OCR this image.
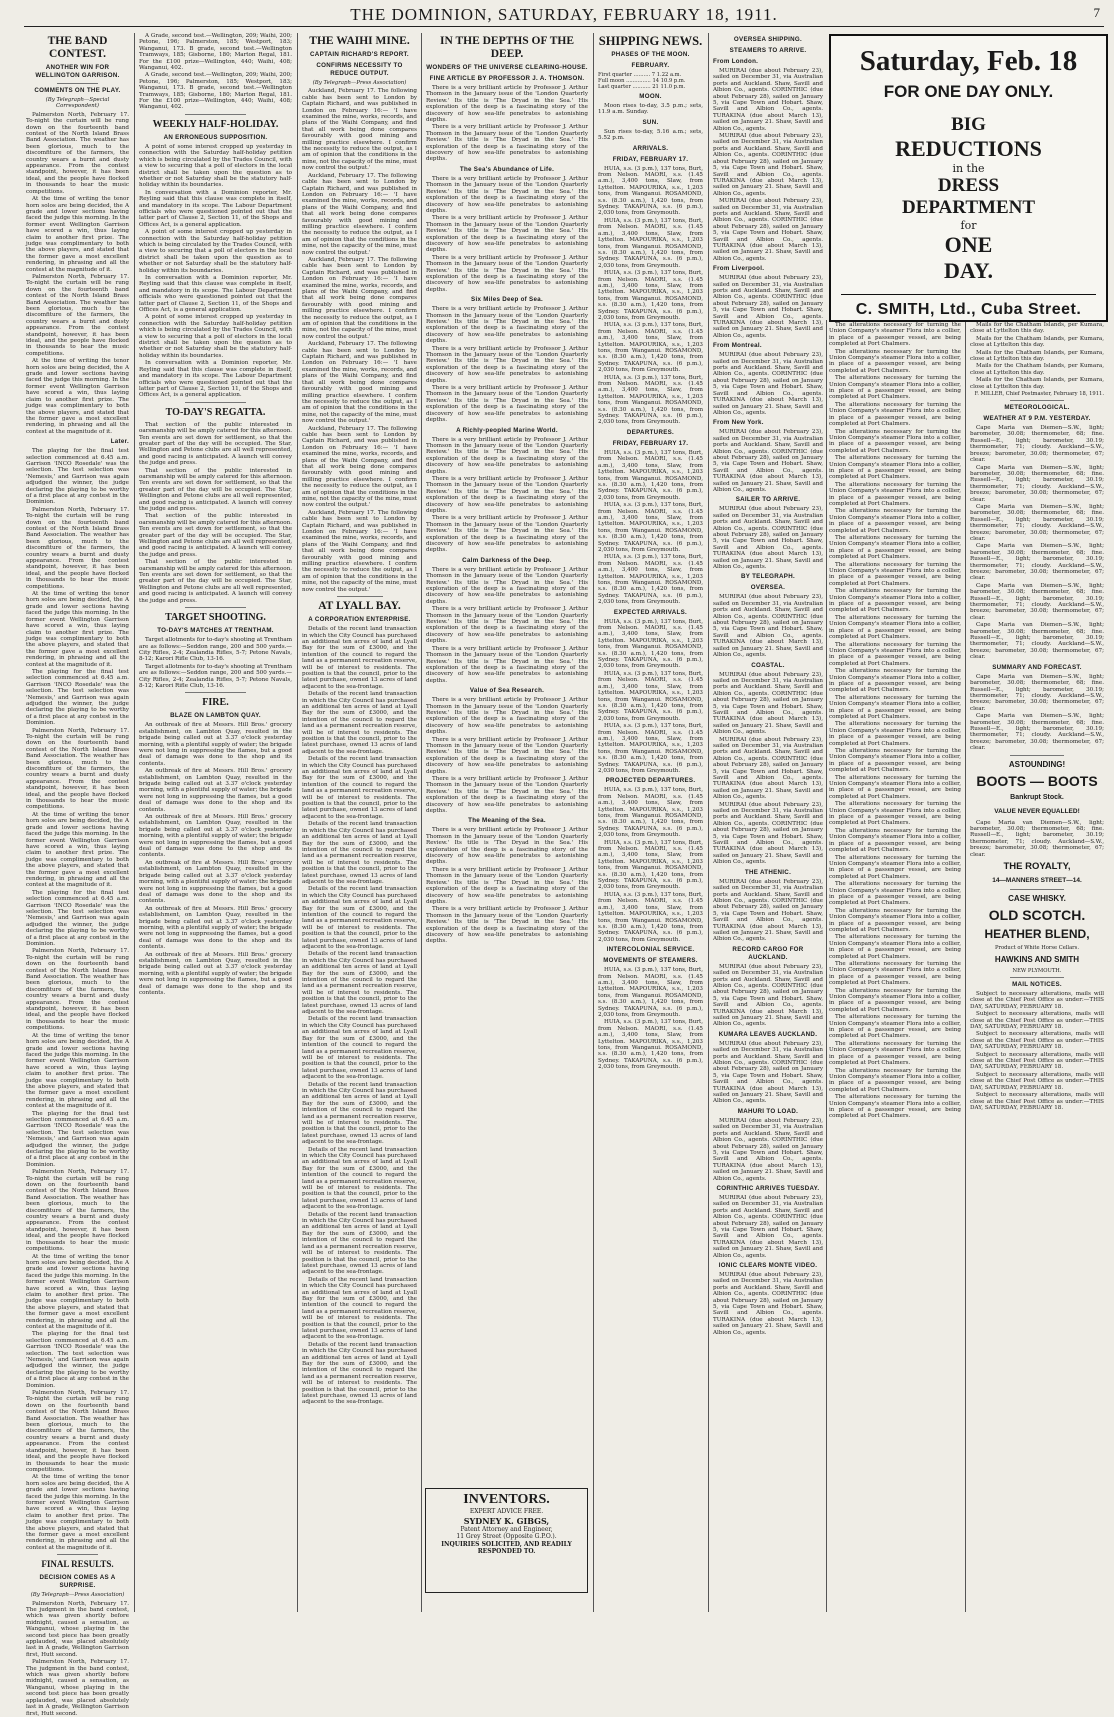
THE DOMINION, SATURDAY, FEBRUARY 18, 1911.	7
THE BAND CONTEST.
ANOTHER WIN FOR WELLINGTON GARRISON.
COMMENTS ON THE PLAY.
(By Telegraph—Special Correspondent)

Palmerston North, February 17. To-night the curtain will be rung down on the fourteenth band contest of the North Island Brass Band Association. The weather has been glorious, much to the discomfiture of the farmers, the country wears a burnt and dusty appearance. From the contest standpoint, however, it has been ideal, and the people have flocked in thousands to hear the music competitions.

At the time of writing the tenor horn solos are being decided, the A grade and lower sections having faced the judge this morning. In the former event Wellington Garrison have scored a win, thus laying claim to another first prize. The judge was complimentary to both the above players, and stated that the former gave a most excellent rendering, in phrasing and all the contest at the magnitude of it.

Palmerston North, February 17. To-night the curtain will be rung down on the fourteenth band contest of the North Island Brass Band Association. The weather has been glorious, much to the discomfiture of the farmers, the country wears a burnt and dusty appearance. From the contest standpoint, however, it has been ideal, and the people have flocked in thousands to hear the music competitions.

At the time of writing the tenor horn solos are being decided, the A grade and lower sections having faced the judge this morning. In the former event Wellington Garrison have scored a win, thus laying claim to another first prize. The judge was complimentary to both the above players, and stated that the former gave a most excellent rendering, in phrasing and all the contest at the magnitude of it.

Later.

The playing for the final test selection commenced at 6.45 a.m. Garrison 'INCO Rosedale' was the selection. The test selection was 'Nemesis,' and Garrison was again adjudged the winner, the judge declaring the playing to be worthy of a first place at any contest in the Dominion.

Palmerston North, February 17. To-night the curtain will be rung down on the fourteenth band contest of the North Island Brass Band Association. The weather has been glorious, much to the discomfiture of the farmers, the country wears a burnt and dusty appearance. From the contest standpoint, however, it has been ideal, and the people have flocked in thousands to hear the music competitions.

At the time of writing the tenor horn solos are being decided, the A grade and lower sections having faced the judge this morning. In the former event Wellington Garrison have scored a win, thus laying claim to another first prize. The judge was complimentary to both the above players, and stated that the former gave a most excellent rendering, in phrasing and all the contest at the magnitude of it.

The playing for the final test selection commenced at 6.45 a.m. Garrison 'INCO Rosedale' was the selection. The test selection was 'Nemesis,' and Garrison was again adjudged the winner, the judge declaring the playing to be worthy of a first place at any contest in the Dominion.

Palmerston North, February 17. To-night the curtain will be rung down on the fourteenth band contest of the North Island Brass Band Association. The weather has been glorious, much to the discomfiture of the farmers, the country wears a burnt and dusty appearance. From the contest standpoint, however, it has been ideal, and the people have flocked in thousands to hear the music competitions.

At the time of writing the tenor horn solos are being decided, the A grade and lower sections having faced the judge this morning. In the former event Wellington Garrison have scored a win, thus laying claim to another first prize. The judge was complimentary to both the above players, and stated that the former gave a most excellent rendering, in phrasing and all the contest at the magnitude of it.

The playing for the final test selection commenced at 6.45 a.m. Garrison 'INCO Rosedale' was the selection. The test selection was 'Nemesis,' and Garrison was again adjudged the winner, the judge declaring the playing to be worthy of a first place at any contest in the Dominion.

Palmerston North, February 17. To-night the curtain will be rung down on the fourteenth band contest of the North Island Brass Band Association. The weather has been glorious, much to the discomfiture of the farmers, the country wears a burnt and dusty appearance. From the contest standpoint, however, it has been ideal, and the people have flocked in thousands to hear the music competitions.

At the time of writing the tenor horn solos are being decided, the A grade and lower sections having faced the judge this morning. In the former event Wellington Garrison have scored a win, thus laying claim to another first prize. The judge was complimentary to both the above players, and stated that the former gave a most excellent rendering, in phrasing and all the contest at the magnitude of it.

The playing for the final test selection commenced at 6.45 a.m. Garrison 'INCO Rosedale' was the selection. The test selection was 'Nemesis,' and Garrison was again adjudged the winner, the judge declaring the playing to be worthy of a first place at any contest in the Dominion.

Palmerston North, February 17. To-night the curtain will be rung down on the fourteenth band contest of the North Island Brass Band Association. The weather has been glorious, much to the discomfiture of the farmers, the country wears a burnt and dusty appearance. From the contest standpoint, however, it has been ideal, and the people have flocked in thousands to hear the music competitions.

At the time of writing the tenor horn solos are being decided, the A grade and lower sections having faced the judge this morning. In the former event Wellington Garrison have scored a win, thus laying claim to another first prize. The judge was complimentary to both the above players, and stated that the former gave a most excellent rendering, in phrasing and all the contest at the magnitude of it.

The playing for the final test selection commenced at 6.45 a.m. Garrison 'INCO Rosedale' was the selection. The test selection was 'Nemesis,' and Garrison was again adjudged the winner, the judge declaring the playing to be worthy of a first place at any contest in the Dominion.

Palmerston North, February 17. To-night the curtain will be rung down on the fourteenth band contest of the North Island Brass Band Association. The weather has been glorious, much to the discomfiture of the farmers, the country wears a burnt and dusty appearance. From the contest standpoint, however, it has been ideal, and the people have flocked in thousands to hear the music competitions.

At the time of writing the tenor horn solos are being decided, the A grade and lower sections having faced the judge this morning. In the former event Wellington Garrison have scored a win, thus laying claim to another first prize. The judge was complimentary to both the above players, and stated that the former gave a most excellent rendering, in phrasing and all the contest at the magnitude of it.

FINAL RESULTS.
DECISION COMES AS A SURPRISE.
(By Telegraph—Press Association)

Palmerston North, February 17. The judgment in the band contest, which was given shortly before midnight, caused a sensation, as Wanganui, whose playing in the second test piece has been greatly applauded, was placed absolutely last in A grade, Wellington Garrison first, Hutt second.

Palmerston North, February 17. The judgment in the band contest, which was given shortly before midnight, caused a sensation, as Wanganui, whose playing in the second test piece has been greatly applauded, was placed absolutely last in A grade, Wellington Garrison first, Hutt second.

A Grade, second test.—Wellington, 209; Waihi, 200; Petone, 196; Palmerston, 185; Westport, 183; Wanganui, 173. B grade, second test.—Wellington Tramways, 185; Gisborne, 180; Marton Regal, 181. For the £100 prize—Wellington, 440; Waihi, 408; Wanganui, 402.

A Grade, second test.—Wellington, 209; Waihi, 200; Petone, 196; Palmerston, 185; Westport, 183; Wanganui, 173. B grade, second test.—Wellington Tramways, 185; Gisborne, 180; Marton Regal, 181. For the £100 prize—Wellington, 440; Waihi, 408; Wanganui, 402.

WEEKLY HALF-HOLIDAY.
AN ERRONEOUS SUPPOSITION.

A point of some interest cropped up yesterday in connection with the Saturday half-holiday petition which is being circulated by the Trades Council, with a view to securing that a poll of electors in the local district shall be taken upon the question as to whether or not Saturday shall be the statutory half-holiday within its boundaries.

In conversation with a Dominion reporter, Mr. Reyling said that this clause was complete in itself, and mandatory in its scope. The Labour Department officials who were questioned pointed out that the latter part of Clause 2, Section 11, of the Shops and Offices Act, is a general application.

A point of some interest cropped up yesterday in connection with the Saturday half-holiday petition which is being circulated by the Trades Council, with a view to securing that a poll of electors in the local district shall be taken upon the question as to whether or not Saturday shall be the statutory half-holiday within its boundaries.

In conversation with a Dominion reporter, Mr. Reyling said that this clause was complete in itself, and mandatory in its scope. The Labour Department officials who were questioned pointed out that the latter part of Clause 2, Section 11, of the Shops and Offices Act, is a general application.

A point of some interest cropped up yesterday in connection with the Saturday half-holiday petition which is being circulated by the Trades Council, with a view to securing that a poll of electors in the local district shall be taken upon the question as to whether or not Saturday shall be the statutory half-holiday within its boundaries.

In conversation with a Dominion reporter, Mr. Reyling said that this clause was complete in itself, and mandatory in its scope. The Labour Department officials who were questioned pointed out that the latter part of Clause 2, Section 11, of the Shops and Offices Act, is a general application.

TO-DAY'S REGATTA.

That section of the public interested in oarsmanship will be amply catered for this afternoon. Ten events are set down for settlement, so that the greater part of the day will be occupied. The Star, Wellington and Petone clubs are all well represented, and good racing is anticipated. A launch will convey the judge and press.

That section of the public interested in oarsmanship will be amply catered for this afternoon. Ten events are set down for settlement, so that the greater part of the day will be occupied. The Star, Wellington and Petone clubs are all well represented, and good racing is anticipated. A launch will convey the judge and press.

That section of the public interested in oarsmanship will be amply catered for this afternoon. Ten events are set down for settlement, so that the greater part of the day will be occupied. The Star, Wellington and Petone clubs are all well represented, and good racing is anticipated. A launch will convey the judge and press.

That section of the public interested in oarsmanship will be amply catered for this afternoon. Ten events are set down for settlement, so that the greater part of the day will be occupied. The Star, Wellington and Petone clubs are all well represented, and good racing is anticipated. A launch will convey the judge and press.

TARGET SHOOTING.
TO-DAY'S MATCHES AT TRENTHAM.

Target allotments for to-day's shooting at Trentham are as follows:—Seddon range, 200 and 500 yards.—City Rifles, 2-4; Zealandia Rifles, 5-7; Petone Navals, 8-12; Karori Rifle Club, 13-16.

Target allotments for to-day's shooting at Trentham are as follows:—Seddon range, 200 and 500 yards.—City Rifles, 2-4; Zealandia Rifles, 5-7; Petone Navals, 8-12; Karori Rifle Club, 13-16.

FIRE.
BLAZE ON LAMBTON QUAY.

An outbreak of fire at Messrs. Hill Bros.' grocery establishment, on Lambton Quay, resulted in the brigade being called out at 3.37 o'clock yesterday morning, with a plentiful supply of water; the brigade were not long in suppressing the flames, but a good deal of damage was done to the shop and its contents.

An outbreak of fire at Messrs. Hill Bros.' grocery establishment, on Lambton Quay, resulted in the brigade being called out at 3.37 o'clock yesterday morning, with a plentiful supply of water; the brigade were not long in suppressing the flames, but a good deal of damage was done to the shop and its contents.

An outbreak of fire at Messrs. Hill Bros.' grocery establishment, on Lambton Quay, resulted in the brigade being called out at 3.37 o'clock yesterday morning, with a plentiful supply of water; the brigade were not long in suppressing the flames, but a good deal of damage was done to the shop and its contents.

An outbreak of fire at Messrs. Hill Bros.' grocery establishment, on Lambton Quay, resulted in the brigade being called out at 3.37 o'clock yesterday morning, with a plentiful supply of water; the brigade were not long in suppressing the flames, but a good deal of damage was done to the shop and its contents.

An outbreak of fire at Messrs. Hill Bros.' grocery establishment, on Lambton Quay, resulted in the brigade being called out at 3.37 o'clock yesterday morning, with a plentiful supply of water; the brigade were not long in suppressing the flames, but a good deal of damage was done to the shop and its contents.

An outbreak of fire at Messrs. Hill Bros.' grocery establishment, on Lambton Quay, resulted in the brigade being called out at 3.37 o'clock yesterday morning, with a plentiful supply of water; the brigade were not long in suppressing the flames, but a good deal of damage was done to the shop and its contents.

THE WAIHI MINE.
CAPTAIN RICHARD'S REPORT.
CONFIRMS NECESSITY TO REDUCE OUTPUT.
(By Telegraph—Press Association)

Auckland, February 17. The following cable has been sent to London by Captain Richard, and was published in London on February 16:— 'I have examined the mine, works, records, and plans of the Waihi Company, and find that all work being done compares favourably with good mining and milling practice elsewhere. I confirm the necessity to reduce the output, as I am of opinion that the conditions in the mine, not the capacity of the mine, must now control the output.'

Auckland, February 17. The following cable has been sent to London by Captain Richard, and was published in London on February 16:— 'I have examined the mine, works, records, and plans of the Waihi Company, and find that all work being done compares favourably with good mining and milling practice elsewhere. I confirm the necessity to reduce the output, as I am of opinion that the conditions in the mine, not the capacity of the mine, must now control the output.'

Auckland, February 17. The following cable has been sent to London by Captain Richard, and was published in London on February 16:— 'I have examined the mine, works, records, and plans of the Waihi Company, and find that all work being done compares favourably with good mining and milling practice elsewhere. I confirm the necessity to reduce the output, as I am of opinion that the conditions in the mine, not the capacity of the mine, must now control the output.'

Auckland, February 17. The following cable has been sent to London by Captain Richard, and was published in London on February 16:— 'I have examined the mine, works, records, and plans of the Waihi Company, and find that all work being done compares favourably with good mining and milling practice elsewhere. I confirm the necessity to reduce the output, as I am of opinion that the conditions in the mine, not the capacity of the mine, must now control the output.'

Auckland, February 17. The following cable has been sent to London by Captain Richard, and was published in London on February 16:— 'I have examined the mine, works, records, and plans of the Waihi Company, and find that all work being done compares favourably with good mining and milling practice elsewhere. I confirm the necessity to reduce the output, as I am of opinion that the conditions in the mine, not the capacity of the mine, must now control the output.'

Auckland, February 17. The following cable has been sent to London by Captain Richard, and was published in London on February 16:— 'I have examined the mine, works, records, and plans of the Waihi Company, and find that all work being done compares favourably with good mining and milling practice elsewhere. I confirm the necessity to reduce the output, as I am of opinion that the conditions in the mine, not the capacity of the mine, must now control the output.'

AT LYALL BAY.
A CORPORATION ENTERPRISE.

Details of the recent land transaction in which the City Council has purchased an additional ten acres of land at Lyall Bay for the sum of £3000, and the intention of the council to regard the land as a permanent recreation reserve, will be of interest to residents. The position is that the council, prior to the latest purchase, owned 13 acres of land adjacent to the sea-frontage.

Details of the recent land transaction in which the City Council has purchased an additional ten acres of land at Lyall Bay for the sum of £3000, and the intention of the council to regard the land as a permanent recreation reserve, will be of interest to residents. The position is that the council, prior to the latest purchase, owned 13 acres of land adjacent to the sea-frontage.

Details of the recent land transaction in which the City Council has purchased an additional ten acres of land at Lyall Bay for the sum of £3000, and the intention of the council to regard the land as a permanent recreation reserve, will be of interest to residents. The position is that the council, prior to the latest purchase, owned 13 acres of land adjacent to the sea-frontage.

Details of the recent land transaction in which the City Council has purchased an additional ten acres of land at Lyall Bay for the sum of £3000, and the intention of the council to regard the land as a permanent recreation reserve, will be of interest to residents. The position is that the council, prior to the latest purchase, owned 13 acres of land adjacent to the sea-frontage.

Details of the recent land transaction in which the City Council has purchased an additional ten acres of land at Lyall Bay for the sum of £3000, and the intention of the council to regard the land as a permanent recreation reserve, will be of interest to residents. The position is that the council, prior to the latest purchase, owned 13 acres of land adjacent to the sea-frontage.

Details of the recent land transaction in which the City Council has purchased an additional ten acres of land at Lyall Bay for the sum of £3000, and the intention of the council to regard the land as a permanent recreation reserve, will be of interest to residents. The position is that the council, prior to the latest purchase, owned 13 acres of land adjacent to the sea-frontage.

Details of the recent land transaction in which the City Council has purchased an additional ten acres of land at Lyall Bay for the sum of £3000, and the intention of the council to regard the land as a permanent recreation reserve, will be of interest to residents. The position is that the council, prior to the latest purchase, owned 13 acres of land adjacent to the sea-frontage.

Details of the recent land transaction in which the City Council has purchased an additional ten acres of land at Lyall Bay for the sum of £3000, and the intention of the council to regard the land as a permanent recreation reserve, will be of interest to residents. The position is that the council, prior to the latest purchase, owned 13 acres of land adjacent to the sea-frontage.

Details of the recent land transaction in which the City Council has purchased an additional ten acres of land at Lyall Bay for the sum of £3000, and the intention of the council to regard the land as a permanent recreation reserve, will be of interest to residents. The position is that the council, prior to the latest purchase, owned 13 acres of land adjacent to the sea-frontage.

Details of the recent land transaction in which the City Council has purchased an additional ten acres of land at Lyall Bay for the sum of £3000, and the intention of the council to regard the land as a permanent recreation reserve, will be of interest to residents. The position is that the council, prior to the latest purchase, owned 13 acres of land adjacent to the sea-frontage.

Details of the recent land transaction in which the City Council has purchased an additional ten acres of land at Lyall Bay for the sum of £3000, and the intention of the council to regard the land as a permanent recreation reserve, will be of interest to residents. The position is that the council, prior to the latest purchase, owned 13 acres of land adjacent to the sea-frontage.

Details of the recent land transaction in which the City Council has purchased an additional ten acres of land at Lyall Bay for the sum of £3000, and the intention of the council to regard the land as a permanent recreation reserve, will be of interest to residents. The position is that the council, prior to the latest purchase, owned 13 acres of land adjacent to the sea-frontage.

IN THE DEPTHS OF THE DEEP.
WONDERS OF THE UNIVERSE CLEARING-HOUSE.
FINE ARTICLE BY PROFESSOR J. A. THOMSON.

There is a very brilliant article by Professor J. Arthur Thomson in the January issue of the 'London Quarterly Review.' Its title is 'The Dryad in the Sea.' His exploration of the deep is a fascinating story of the discovery of how sea-life penetrates to astonishing depths.

There is a very brilliant article by Professor J. Arthur Thomson in the January issue of the 'London Quarterly Review.' Its title is 'The Dryad in the Sea.' His exploration of the deep is a fascinating story of the discovery of how sea-life penetrates to astonishing depths.

The Sea's Abundance of Life.

There is a very brilliant article by Professor J. Arthur Thomson in the January issue of the 'London Quarterly Review.' Its title is 'The Dryad in the Sea.' His exploration of the deep is a fascinating story of the discovery of how sea-life penetrates to astonishing depths.

There is a very brilliant article by Professor J. Arthur Thomson in the January issue of the 'London Quarterly Review.' Its title is 'The Dryad in the Sea.' His exploration of the deep is a fascinating story of the discovery of how sea-life penetrates to astonishing depths.

There is a very brilliant article by Professor J. Arthur Thomson in the January issue of the 'London Quarterly Review.' Its title is 'The Dryad in the Sea.' His exploration of the deep is a fascinating story of the discovery of how sea-life penetrates to astonishing depths.

Six Miles Deep of Sea.

There is a very brilliant article by Professor J. Arthur Thomson in the January issue of the 'London Quarterly Review.' Its title is 'The Dryad in the Sea.' His exploration of the deep is a fascinating story of the discovery of how sea-life penetrates to astonishing depths.

There is a very brilliant article by Professor J. Arthur Thomson in the January issue of the 'London Quarterly Review.' Its title is 'The Dryad in the Sea.' His exploration of the deep is a fascinating story of the discovery of how sea-life penetrates to astonishing depths.

There is a very brilliant article by Professor J. Arthur Thomson in the January issue of the 'London Quarterly Review.' Its title is 'The Dryad in the Sea.' His exploration of the deep is a fascinating story of the discovery of how sea-life penetrates to astonishing depths.

A Richly-peopled Marine World.

There is a very brilliant article by Professor J. Arthur Thomson in the January issue of the 'London Quarterly Review.' Its title is 'The Dryad in the Sea.' His exploration of the deep is a fascinating story of the discovery of how sea-life penetrates to astonishing depths.

There is a very brilliant article by Professor J. Arthur Thomson in the January issue of the 'London Quarterly Review.' Its title is 'The Dryad in the Sea.' His exploration of the deep is a fascinating story of the discovery of how sea-life penetrates to astonishing depths.

There is a very brilliant article by Professor J. Arthur Thomson in the January issue of the 'London Quarterly Review.' Its title is 'The Dryad in the Sea.' His exploration of the deep is a fascinating story of the discovery of how sea-life penetrates to astonishing depths.

Calm Darkness of the Deep.

There is a very brilliant article by Professor J. Arthur Thomson in the January issue of the 'London Quarterly Review.' Its title is 'The Dryad in the Sea.' His exploration of the deep is a fascinating story of the discovery of how sea-life penetrates to astonishing depths.

There is a very brilliant article by Professor J. Arthur Thomson in the January issue of the 'London Quarterly Review.' Its title is 'The Dryad in the Sea.' His exploration of the deep is a fascinating story of the discovery of how sea-life penetrates to astonishing depths.

There is a very brilliant article by Professor J. Arthur Thomson in the January issue of the 'London Quarterly Review.' Its title is 'The Dryad in the Sea.' His exploration of the deep is a fascinating story of the discovery of how sea-life penetrates to astonishing depths.

Value of Sea Research.

There is a very brilliant article by Professor J. Arthur Thomson in the January issue of the 'London Quarterly Review.' Its title is 'The Dryad in the Sea.' His exploration of the deep is a fascinating story of the discovery of how sea-life penetrates to astonishing depths.

There is a very brilliant article by Professor J. Arthur Thomson in the January issue of the 'London Quarterly Review.' Its title is 'The Dryad in the Sea.' His exploration of the deep is a fascinating story of the discovery of how sea-life penetrates to astonishing depths.

There is a very brilliant article by Professor J. Arthur Thomson in the January issue of the 'London Quarterly Review.' Its title is 'The Dryad in the Sea.' His exploration of the deep is a fascinating story of the discovery of how sea-life penetrates to astonishing depths.

The Meaning of the Sea.

There is a very brilliant article by Professor J. Arthur Thomson in the January issue of the 'London Quarterly Review.' Its title is 'The Dryad in the Sea.' His exploration of the deep is a fascinating story of the discovery of how sea-life penetrates to astonishing depths.

There is a very brilliant article by Professor J. Arthur Thomson in the January issue of the 'London Quarterly Review.' Its title is 'The Dryad in the Sea.' His exploration of the deep is a fascinating story of the discovery of how sea-life penetrates to astonishing depths.

There is a very brilliant article by Professor J. Arthur Thomson in the January issue of the 'London Quarterly Review.' Its title is 'The Dryad in the Sea.' His exploration of the deep is a fascinating story of the discovery of how sea-life penetrates to astonishing depths.

INVENTORS.
EXPERT ADVICE FREE.
SYDNEY K. GIBGS,
Patent Attorney and Engineer,
11 Grey Street (Opposite G.P.O.).
INQUIRIES SOLICITED, AND READILY RESPONDED TO.
SHIPPING NEWS.
PHASES OF THE MOON.
FEBRUARY.
First quarter .......... 7 1.22 a.m.
Full moon ............... 14 10.9 p.m.
Last quarter ........... 21 11.0 p.m.
MOON.

Moon rises to-day, 3.5 p.m.; sets, 11.9 a.m. Sunday.

SUN.

Sun rises to-day, 5.16 a.m.; sets, 5.52 p.m.

ARRIVALS.
FRIDAY, FEBRUARY 17.

HUIA, s.s. (3 p.m.), 137 tons, Burt, from Nelson. MAORI, s.s. (1.45 a.m.), 3,400 tons, Slaw, from Lyttelton. MAPOURIKA, s.s., 1,203 tons, from Wanganui. ROSAMOND, s.s. (8.30 a.m.), 1,420 tons, from Sydney. TAKAPUNA, s.s. (6 p.m.), 2,030 tons, from Greymouth.

HUIA, s.s. (3 p.m.), 137 tons, Burt, from Nelson. MAORI, s.s. (1.45 a.m.), 3,400 tons, Slaw, from Lyttelton. MAPOURIKA, s.s., 1,203 tons, from Wanganui. ROSAMOND, s.s. (8.30 a.m.), 1,420 tons, from Sydney. TAKAPUNA, s.s. (6 p.m.), 2,030 tons, from Greymouth.

HUIA, s.s. (3 p.m.), 137 tons, Burt, from Nelson. MAORI, s.s. (1.45 a.m.), 3,400 tons, Slaw, from Lyttelton. MAPOURIKA, s.s., 1,203 tons, from Wanganui. ROSAMOND, s.s. (8.30 a.m.), 1,420 tons, from Sydney. TAKAPUNA, s.s. (6 p.m.), 2,030 tons, from Greymouth.

HUIA, s.s. (3 p.m.), 137 tons, Burt, from Nelson. MAORI, s.s. (1.45 a.m.), 3,400 tons, Slaw, from Lyttelton. MAPOURIKA, s.s., 1,203 tons, from Wanganui. ROSAMOND, s.s. (8.30 a.m.), 1,420 tons, from Sydney. TAKAPUNA, s.s. (6 p.m.), 2,030 tons, from Greymouth.

HUIA, s.s. (3 p.m.), 137 tons, Burt, from Nelson. MAORI, s.s. (1.45 a.m.), 3,400 tons, Slaw, from Lyttelton. MAPOURIKA, s.s., 1,203 tons, from Wanganui. ROSAMOND, s.s. (8.30 a.m.), 1,420 tons, from Sydney. TAKAPUNA, s.s. (6 p.m.), 2,030 tons, from Greymouth.

DEPARTURES.
FRIDAY, FEBRUARY 17.

HUIA, s.s. (3 p.m.), 137 tons, Burt, from Nelson. MAORI, s.s. (1.45 a.m.), 3,400 tons, Slaw, from Lyttelton. MAPOURIKA, s.s., 1,203 tons, from Wanganui. ROSAMOND, s.s. (8.30 a.m.), 1,420 tons, from Sydney. TAKAPUNA, s.s. (6 p.m.), 2,030 tons, from Greymouth.

HUIA, s.s. (3 p.m.), 137 tons, Burt, from Nelson. MAORI, s.s. (1.45 a.m.), 3,400 tons, Slaw, from Lyttelton. MAPOURIKA, s.s., 1,203 tons, from Wanganui. ROSAMOND, s.s. (8.30 a.m.), 1,420 tons, from Sydney. TAKAPUNA, s.s. (6 p.m.), 2,030 tons, from Greymouth.

HUIA, s.s. (3 p.m.), 137 tons, Burt, from Nelson. MAORI, s.s. (1.45 a.m.), 3,400 tons, Slaw, from Lyttelton. MAPOURIKA, s.s., 1,203 tons, from Wanganui. ROSAMOND, s.s. (8.30 a.m.), 1,420 tons, from Sydney. TAKAPUNA, s.s. (6 p.m.), 2,030 tons, from Greymouth.

EXPECTED ARRIVALS.

HUIA, s.s. (3 p.m.), 137 tons, Burt, from Nelson. MAORI, s.s. (1.45 a.m.), 3,400 tons, Slaw, from Lyttelton. MAPOURIKA, s.s., 1,203 tons, from Wanganui. ROSAMOND, s.s. (8.30 a.m.), 1,420 tons, from Sydney. TAKAPUNA, s.s. (6 p.m.), 2,030 tons, from Greymouth.

HUIA, s.s. (3 p.m.), 137 tons, Burt, from Nelson. MAORI, s.s. (1.45 a.m.), 3,400 tons, Slaw, from Lyttelton. MAPOURIKA, s.s., 1,203 tons, from Wanganui. ROSAMOND, s.s. (8.30 a.m.), 1,420 tons, from Sydney. TAKAPUNA, s.s. (6 p.m.), 2,030 tons, from Greymouth.

HUIA, s.s. (3 p.m.), 137 tons, Burt, from Nelson. MAORI, s.s. (1.45 a.m.), 3,400 tons, Slaw, from Lyttelton. MAPOURIKA, s.s., 1,203 tons, from Wanganui. ROSAMOND, s.s. (8.30 a.m.), 1,420 tons, from Sydney. TAKAPUNA, s.s. (6 p.m.), 2,030 tons, from Greymouth.

PROJECTED DEPARTURES.

HUIA, s.s. (3 p.m.), 137 tons, Burt, from Nelson. MAORI, s.s. (1.45 a.m.), 3,400 tons, Slaw, from Lyttelton. MAPOURIKA, s.s., 1,203 tons, from Wanganui. ROSAMOND, s.s. (8.30 a.m.), 1,420 tons, from Sydney. TAKAPUNA, s.s. (6 p.m.), 2,030 tons, from Greymouth.

HUIA, s.s. (3 p.m.), 137 tons, Burt, from Nelson. MAORI, s.s. (1.45 a.m.), 3,400 tons, Slaw, from Lyttelton. MAPOURIKA, s.s., 1,203 tons, from Wanganui. ROSAMOND, s.s. (8.30 a.m.), 1,420 tons, from Sydney. TAKAPUNA, s.s. (6 p.m.), 2,030 tons, from Greymouth.

HUIA, s.s. (3 p.m.), 137 tons, Burt, from Nelson. MAORI, s.s. (1.45 a.m.), 3,400 tons, Slaw, from Lyttelton. MAPOURIKA, s.s., 1,203 tons, from Wanganui. ROSAMOND, s.s. (8.30 a.m.), 1,420 tons, from Sydney. TAKAPUNA, s.s. (6 p.m.), 2,030 tons, from Greymouth.

INTERCOLONIAL SERVICE.
MOVEMENTS OF STEAMERS.

HUIA, s.s. (3 p.m.), 137 tons, Burt, from Nelson. MAORI, s.s. (1.45 a.m.), 3,400 tons, Slaw, from Lyttelton. MAPOURIKA, s.s., 1,203 tons, from Wanganui. ROSAMOND, s.s. (8.30 a.m.), 1,420 tons, from Sydney. TAKAPUNA, s.s. (6 p.m.), 2,030 tons, from Greymouth.

HUIA, s.s. (3 p.m.), 137 tons, Burt, from Nelson. MAORI, s.s. (1.45 a.m.), 3,400 tons, Slaw, from Lyttelton. MAPOURIKA, s.s., 1,203 tons, from Wanganui. ROSAMOND, s.s. (8.30 a.m.), 1,420 tons, from Sydney. TAKAPUNA, s.s. (6 p.m.), 2,030 tons, from Greymouth.

OVERSEA SHIPPING.
STEAMERS TO ARRIVE.
From London.

MURIRAI (due about February 23), sailed on December 31, via Australian ports and Auckland. Shaw, Savill and Albion Co., agents. CORINTHIC (due about February 28), sailed on January 5, via Cape Town and Hobart. Shaw, Savill and Albion Co., agents. TURAKINA (due about March 13), sailed on January 21. Shaw, Savill and Albion Co., agents.

MURIRAI (due about February 23), sailed on December 31, via Australian ports and Auckland. Shaw, Savill and Albion Co., agents. CORINTHIC (due about February 28), sailed on January 5, via Cape Town and Hobart. Shaw, Savill and Albion Co., agents. TURAKINA (due about March 13), sailed on January 21. Shaw, Savill and Albion Co., agents.

MURIRAI (due about February 23), sailed on December 31, via Australian ports and Auckland. Shaw, Savill and Albion Co., agents. CORINTHIC (due about February 28), sailed on January 5, via Cape Town and Hobart. Shaw, Savill and Albion Co., agents. TURAKINA (due about March 13), sailed on January 21. Shaw, Savill and Albion Co., agents.

From Liverpool.

MURIRAI (due about February 23), sailed on December 31, via Australian ports and Auckland. Shaw, Savill and Albion Co., agents. CORINTHIC (due about February 28), sailed on January 5, via Cape Town and Hobart. Shaw, Savill and Albion Co., agents. TURAKINA (due about March 13), sailed on January 21. Shaw, Savill and Albion Co., agents.

From Montreal.

MURIRAI (due about February 23), sailed on December 31, via Australian ports and Auckland. Shaw, Savill and Albion Co., agents. CORINTHIC (due about February 28), sailed on January 5, via Cape Town and Hobart. Shaw, Savill and Albion Co., agents. TURAKINA (due about March 13), sailed on January 21. Shaw, Savill and Albion Co., agents.

From New York.

MURIRAI (due about February 23), sailed on December 31, via Australian ports and Auckland. Shaw, Savill and Albion Co., agents. CORINTHIC (due about February 28), sailed on January 5, via Cape Town and Hobart. Shaw, Savill and Albion Co., agents. TURAKINA (due about March 13), sailed on January 21. Shaw, Savill and Albion Co., agents.

SAILER TO ARRIVE.

MURIRAI (due about February 23), sailed on December 31, via Australian ports and Auckland. Shaw, Savill and Albion Co., agents. CORINTHIC (due about February 28), sailed on January 5, via Cape Town and Hobart. Shaw, Savill and Albion Co., agents. TURAKINA (due about March 13), sailed on January 21. Shaw, Savill and Albion Co., agents.

BY TELEGRAPH.
OVERSEA.

MURIRAI (due about February 23), sailed on December 31, via Australian ports and Auckland. Shaw, Savill and Albion Co., agents. CORINTHIC (due about February 28), sailed on January 5, via Cape Town and Hobart. Shaw, Savill and Albion Co., agents. TURAKINA (due about March 13), sailed on January 21. Shaw, Savill and Albion Co., agents.

COASTAL.

MURIRAI (due about February 23), sailed on December 31, via Australian ports and Auckland. Shaw, Savill and Albion Co., agents. CORINTHIC (due about February 28), sailed on January 5, via Cape Town and Hobart. Shaw, Savill and Albion Co., agents. TURAKINA (due about March 13), sailed on January 21. Shaw, Savill and Albion Co., agents.

MURIRAI (due about February 23), sailed on December 31, via Australian ports and Auckland. Shaw, Savill and Albion Co., agents. CORINTHIC (due about February 28), sailed on January 5, via Cape Town and Hobart. Shaw, Savill and Albion Co., agents. TURAKINA (due about March 13), sailed on January 21. Shaw, Savill and Albion Co., agents.

MURIRAI (due about February 23), sailed on December 31, via Australian ports and Auckland. Shaw, Savill and Albion Co., agents. CORINTHIC (due about February 28), sailed on January 5, via Cape Town and Hobart. Shaw, Savill and Albion Co., agents. TURAKINA (due about March 13), sailed on January 21. Shaw, Savill and Albion Co., agents.

THE ATHENIC.

MURIRAI (due about February 23), sailed on December 31, via Australian ports and Auckland. Shaw, Savill and Albion Co., agents. CORINTHIC (due about February 28), sailed on January 5, via Cape Town and Hobart. Shaw, Savill and Albion Co., agents. TURAKINA (due about March 13), sailed on January 21. Shaw, Savill and Albion Co., agents.

RECORD CARGO FOR AUCKLAND.

MURIRAI (due about February 23), sailed on December 31, via Australian ports and Auckland. Shaw, Savill and Albion Co., agents. CORINTHIC (due about February 28), sailed on January 5, via Cape Town and Hobart. Shaw, Savill and Albion Co., agents. TURAKINA (due about March 13), sailed on January 21. Shaw, Savill and Albion Co., agents.

KUMARA LEAVES AUCKLAND.

MURIRAI (due about February 23), sailed on December 31, via Australian ports and Auckland. Shaw, Savill and Albion Co., agents. CORINTHIC (due about February 28), sailed on January 5, via Cape Town and Hobart. Shaw, Savill and Albion Co., agents. TURAKINA (due about March 13), sailed on January 21. Shaw, Savill and Albion Co., agents.

MAHURI TO LOAD.

MURIRAI (due about February 23), sailed on December 31, via Australian ports and Auckland. Shaw, Savill and Albion Co., agents. CORINTHIC (due about February 28), sailed on January 5, via Cape Town and Hobart. Shaw, Savill and Albion Co., agents. TURAKINA (due about March 13), sailed on January 21. Shaw, Savill and Albion Co., agents.

CORINTHIC ARRIVES TUESDAY.

MURIRAI (due about February 23), sailed on December 31, via Australian ports and Auckland. Shaw, Savill and Albion Co., agents. CORINTHIC (due about February 28), sailed on January 5, via Cape Town and Hobart. Shaw, Savill and Albion Co., agents. TURAKINA (due about March 13), sailed on January 21. Shaw, Savill and Albion Co., agents.

IONIC CLEARS MONTE VIDEO.

MURIRAI (due about February 23), sailed on December 31, via Australian ports and Auckland. Shaw, Savill and Albion Co., agents. CORINTHIC (due about February 28), sailed on January 5, via Cape Town and Hobart. Shaw, Savill and Albion Co., agents. TURAKINA (due about March 13), sailed on January 21. Shaw, Savill and Albion Co., agents.

Saturday, Feb. 18
FOR ONE DAY ONLY.
BIG
REDUCTIONS
in the
DRESS
DEPARTMENT
for
ONE
DAY.
C. SMITH, Ltd., Cuba Street.

The alterations necessary for turning the Union Company's steamer Flora into a collier, in place of a passenger vessel, are being completed at Port Chalmers.

The alterations necessary for turning the Union Company's steamer Flora into a collier, in place of a passenger vessel, are being completed at Port Chalmers.

The alterations necessary for turning the Union Company's steamer Flora into a collier, in place of a passenger vessel, are being completed at Port Chalmers.

The alterations necessary for turning the Union Company's steamer Flora into a collier, in place of a passenger vessel, are being completed at Port Chalmers.

The alterations necessary for turning the Union Company's steamer Flora into a collier, in place of a passenger vessel, are being completed at Port Chalmers.

The alterations necessary for turning the Union Company's steamer Flora into a collier, in place of a passenger vessel, are being completed at Port Chalmers.

The alterations necessary for turning the Union Company's steamer Flora into a collier, in place of a passenger vessel, are being completed at Port Chalmers.

The alterations necessary for turning the Union Company's steamer Flora into a collier, in place of a passenger vessel, are being completed at Port Chalmers.

The alterations necessary for turning the Union Company's steamer Flora into a collier, in place of a passenger vessel, are being completed at Port Chalmers.

The alterations necessary for turning the Union Company's steamer Flora into a collier, in place of a passenger vessel, are being completed at Port Chalmers.

The alterations necessary for turning the Union Company's steamer Flora into a collier, in place of a passenger vessel, are being completed at Port Chalmers.

The alterations necessary for turning the Union Company's steamer Flora into a collier, in place of a passenger vessel, are being completed at Port Chalmers.

The alterations necessary for turning the Union Company's steamer Flora into a collier, in place of a passenger vessel, are being completed at Port Chalmers.

The alterations necessary for turning the Union Company's steamer Flora into a collier, in place of a passenger vessel, are being completed at Port Chalmers.

The alterations necessary for turning the Union Company's steamer Flora into a collier, in place of a passenger vessel, are being completed at Port Chalmers.

The alterations necessary for turning the Union Company's steamer Flora into a collier, in place of a passenger vessel, are being completed at Port Chalmers.

The alterations necessary for turning the Union Company's steamer Flora into a collier, in place of a passenger vessel, are being completed at Port Chalmers.

The alterations necessary for turning the Union Company's steamer Flora into a collier, in place of a passenger vessel, are being completed at Port Chalmers.

The alterations necessary for turning the Union Company's steamer Flora into a collier, in place of a passenger vessel, are being completed at Port Chalmers.

The alterations necessary for turning the Union Company's steamer Flora into a collier, in place of a passenger vessel, are being completed at Port Chalmers.

The alterations necessary for turning the Union Company's steamer Flora into a collier, in place of a passenger vessel, are being completed at Port Chalmers.

The alterations necessary for turning the Union Company's steamer Flora into a collier, in place of a passenger vessel, are being completed at Port Chalmers.

The alterations necessary for turning the Union Company's steamer Flora into a collier, in place of a passenger vessel, are being completed at Port Chalmers.

The alterations necessary for turning the Union Company's steamer Flora into a collier, in place of a passenger vessel, are being completed at Port Chalmers.

The alterations necessary for turning the Union Company's steamer Flora into a collier, in place of a passenger vessel, are being completed at Port Chalmers.

The alterations necessary for turning the Union Company's steamer Flora into a collier, in place of a passenger vessel, are being completed at Port Chalmers.

The alterations necessary for turning the Union Company's steamer Flora into a collier, in place of a passenger vessel, are being completed at Port Chalmers.

The alterations necessary for turning the Union Company's steamer Flora into a collier, in place of a passenger vessel, are being completed at Port Chalmers.

The alterations necessary for turning the Union Company's steamer Flora into a collier, in place of a passenger vessel, are being completed at Port Chalmers.

The alterations necessary for turning the Union Company's steamer Flora into a collier, in place of a passenger vessel, are being completed at Port Chalmers.

Mails for the Chatham Islands, per Kumara, close at Lyttelton this day.

Mails for the Chatham Islands, per Kumara, close at Lyttelton this day.

Mails for the Chatham Islands, per Kumara, close at Lyttelton this day.

Mails for the Chatham Islands, per Kumara, close at Lyttelton this day.

Mails for the Chatham Islands, per Kumara, close at Lyttelton this day.

F. MILLER, Chief Postmaster, February 18, 1911.
METEOROLOGICAL.
WEATHER AT 9 P.M. YESTERDAY.

Cape Maria van Diemen—S.W., light; barometer, 30.08; thermometer, 68; fine. Russell—E., light; barometer, 30.19; thermometer, 71; cloudy. Auckland—S.W., breeze; barometer, 30.08; thermometer, 67; clear.

Cape Maria van Diemen—S.W., light; barometer, 30.08; thermometer, 68; fine. Russell—E., light; barometer, 30.19; thermometer, 71; cloudy. Auckland—S.W., breeze; barometer, 30.08; thermometer, 67; clear.

Cape Maria van Diemen—S.W., light; barometer, 30.08; thermometer, 68; fine. Russell—E., light; barometer, 30.19; thermometer, 71; cloudy. Auckland—S.W., breeze; barometer, 30.08; thermometer, 67; clear.

Cape Maria van Diemen—S.W., light; barometer, 30.08; thermometer, 68; fine. Russell—E., light; barometer, 30.19; thermometer, 71; cloudy. Auckland—S.W., breeze; barometer, 30.08; thermometer, 67; clear.

Cape Maria van Diemen—S.W., light; barometer, 30.08; thermometer, 68; fine. Russell—E., light; barometer, 30.19; thermometer, 71; cloudy. Auckland—S.W., breeze; barometer, 30.08; thermometer, 67; clear.

Cape Maria van Diemen—S.W., light; barometer, 30.08; thermometer, 68; fine. Russell—E., light; barometer, 30.19; thermometer, 71; cloudy. Auckland—S.W., breeze; barometer, 30.08; thermometer, 67; clear.

SUMMARY AND FORECAST.

Cape Maria van Diemen—S.W., light; barometer, 30.08; thermometer, 68; fine. Russell—E., light; barometer, 30.19; thermometer, 71; cloudy. Auckland—S.W., breeze; barometer, 30.08; thermometer, 67; clear.

Cape Maria van Diemen—S.W., light; barometer, 30.08; thermometer, 68; fine. Russell—E., light; barometer, 30.19; thermometer, 71; cloudy. Auckland—S.W., breeze; barometer, 30.08; thermometer, 67; clear.

ASTOUNDING!
BOOTS — BOOTS
Bankrupt Stock.
VALUE NEVER EQUALLED!

Cape Maria van Diemen—S.W., light; barometer, 30.08; thermometer, 68; fine. Russell—E., light; barometer, 30.19; thermometer, 71; cloudy. Auckland—S.W., breeze; barometer, 30.08; thermometer, 67; clear.

THE ROYALTY,
14—MANNERS STREET—14.
CASE WHISKY.
OLD SCOTCH.
HEATHER BLEND,
Product of White Horse Cellars.
HAWKINS AND SMITH
NEW PLYMOUTH.
MAIL NOTICES.

Subject to necessary alterations, mails will close at the Chief Post Office as under:—THIS DAY, SATURDAY, FEBRUARY 18.

Subject to necessary alterations, mails will close at the Chief Post Office as under:—THIS DAY, SATURDAY, FEBRUARY 18.

Subject to necessary alterations, mails will close at the Chief Post Office as under:—THIS DAY, SATURDAY, FEBRUARY 18.

Subject to necessary alterations, mails will close at the Chief Post Office as under:—THIS DAY, SATURDAY, FEBRUARY 18.

Subject to necessary alterations, mails will close at the Chief Post Office as under:—THIS DAY, SATURDAY, FEBRUARY 18.

Subject to necessary alterations, mails will close at the Chief Post Office as under:—THIS DAY, SATURDAY, FEBRUARY 18.
